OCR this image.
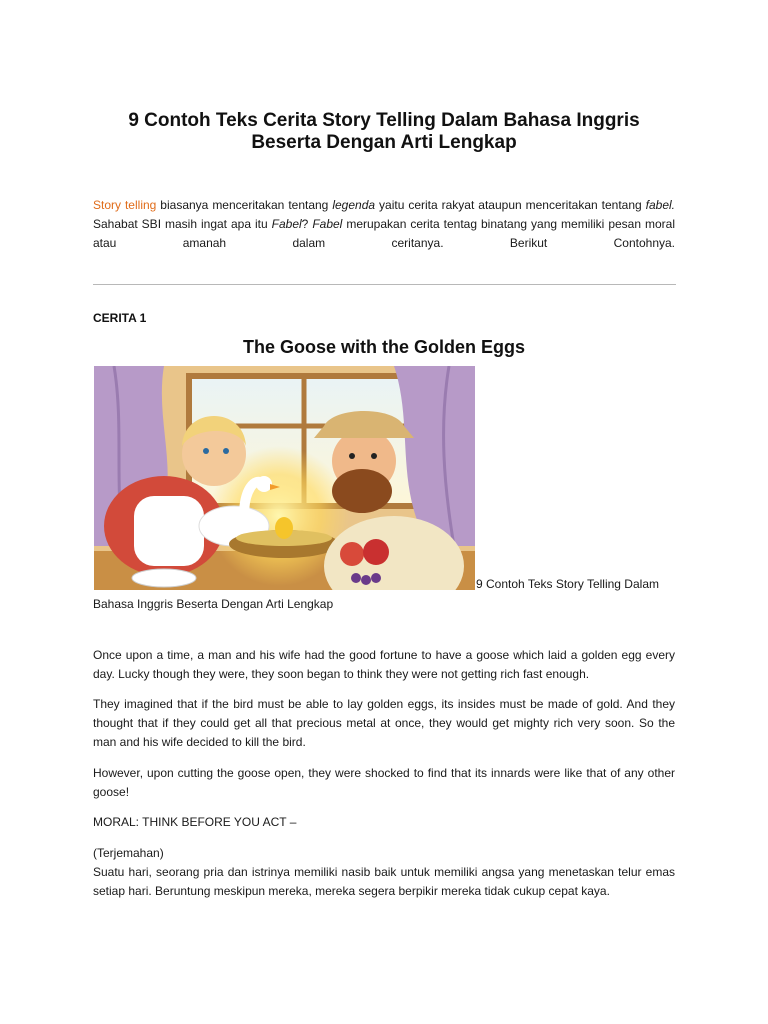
9 Contoh Teks Cerita Story Telling Dalam Bahasa Inggris
Beserta Dengan Arti Lengkap
Story telling biasanya menceritakan tentang legenda yaitu cerita rakyat ataupun menceritakan tentang fabel. Sahabat SBI masih ingat apa itu Fabel? Fabel merupakan cerita tentag binatang yang memiliki pesan moral atau amanah dalam ceritanya. Berikut Contohnya.
CERITA 1
The Goose with the Golden Eggs
9 Contoh Teks Story Telling Dalam
Bahasa Inggris Beserta Dengan Arti Lengkap
Once upon a time, a man and his wife had the good fortune to have a goose which laid a golden egg every day. Lucky though they were, they soon began to think they were not getting rich fast enough.
They imagined that if the bird must be able to lay golden eggs, its insides must be made of gold. And they thought that if they could get all that precious metal at once, they would get mighty rich very soon. So the man and his wife decided to kill the bird.
However, upon cutting the goose open, they were shocked to find that its innards were like that of any other goose!
MORAL: THINK BEFORE YOU ACT –
(Terjemahan)
Suatu hari, seorang pria dan istrinya memiliki nasib baik untuk memiliki angsa yang menetaskan telur emas setiap hari. Beruntung meskipun mereka, mereka segera berpikir mereka tidak cukup cepat kaya.
